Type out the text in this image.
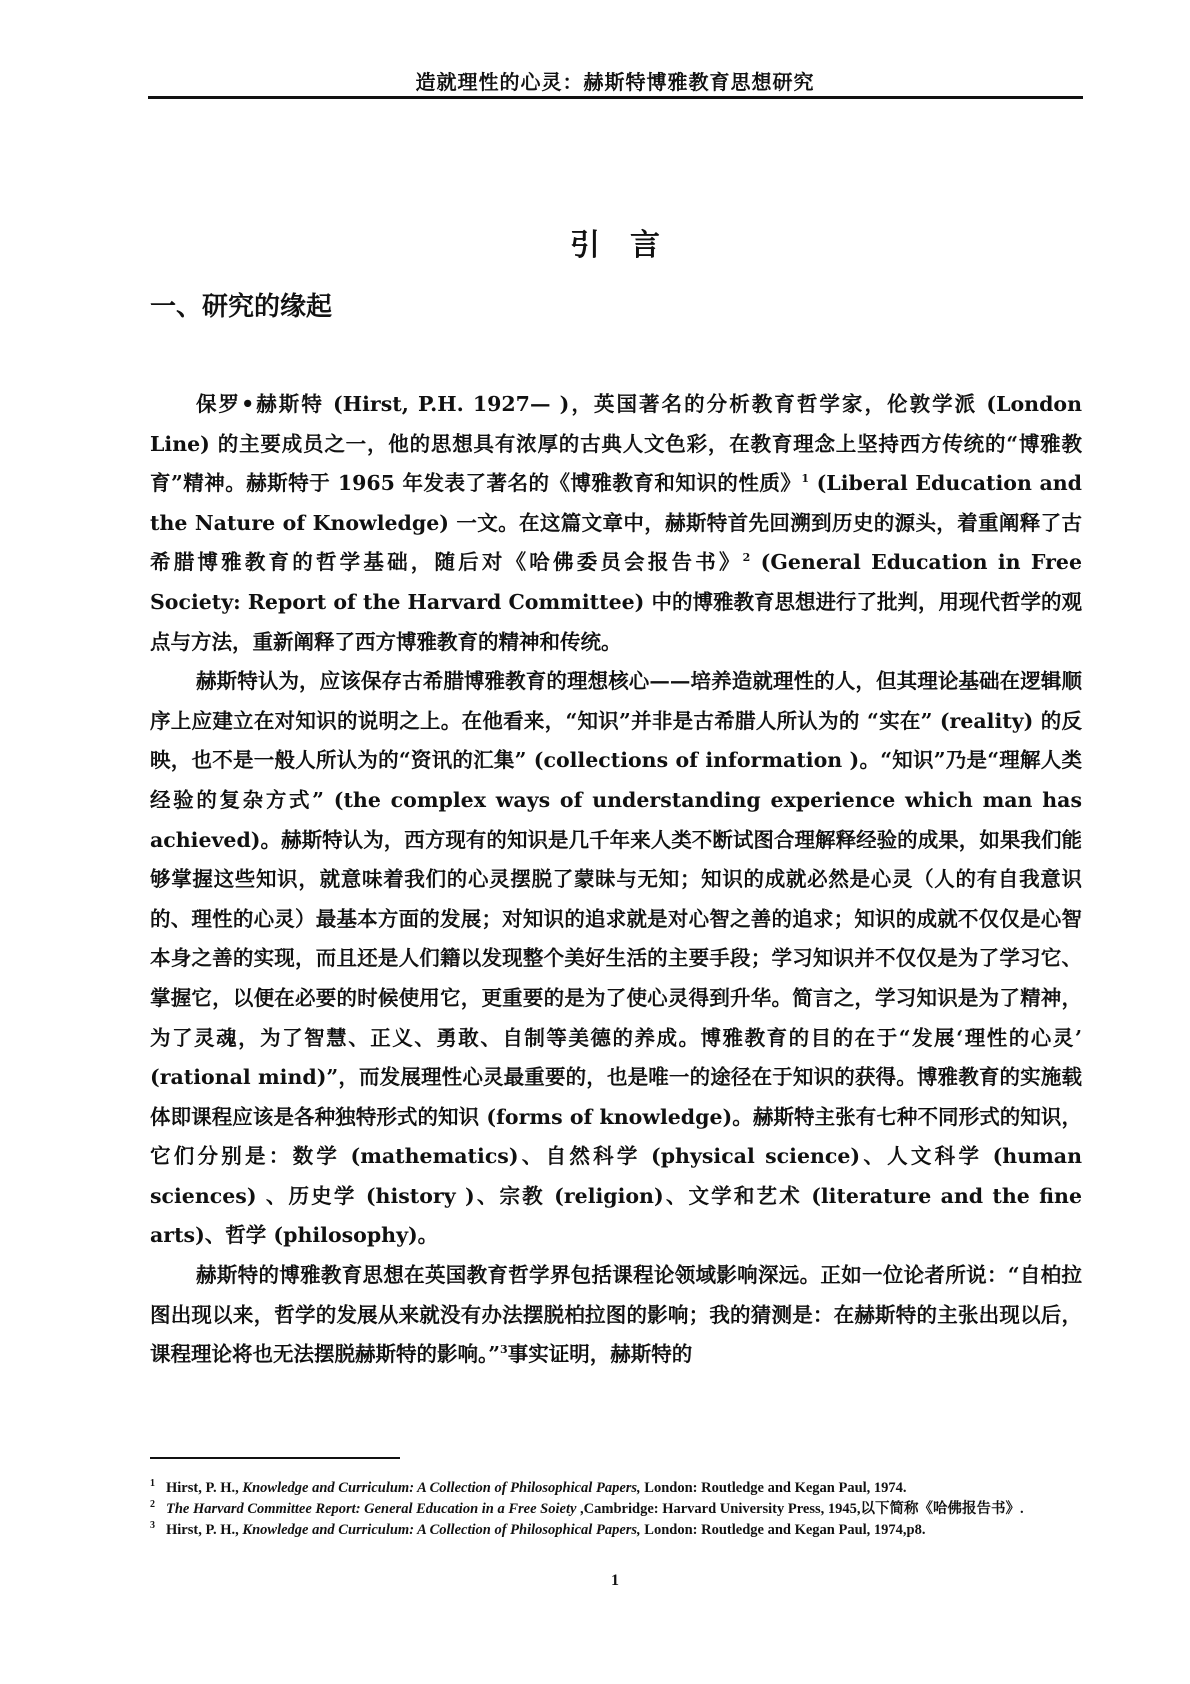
造就理性的心灵：赫斯特博雅教育思想研究
引言
一、研究的缘起

保罗•赫斯特 (Hirst, P.H. 1927— )，英国著名的分析教育哲学家，伦敦学派 (London Line) 的主要成员之一，他的思想具有浓厚的古典人文色彩，在教育理念上坚持西方传统的“博雅教育”精神。赫斯特于 1965 年发表了著名的《博雅教育和知识的性质》$^1$ (Liberal Education and the Nature of Knowledge) 一文。在这篇文章中，赫斯特首先回溯到历史的源头，着重阐释了古希腊博雅教育的哲学基础，随后对《哈佛委员会报告书》$^2$ (General Education in Free Society: Report of the Harvard Committee) 中的博雅教育思想进行了批判，用现代哲学的观点与方法，重新阐释了西方博雅教育的精神和传统。

赫斯特认为，应该保存古希腊博雅教育的理想核心——培养造就理性的人，但其理论基础在逻辑顺序上应建立在对知识的说明之上。在他看来，“知识”并非是古希腊人所认为的 “实在” (reality) 的反映，也不是一般人所认为的“资讯的汇集” (collections of information )。“知识”乃是“理解人类经验的复杂方式” (the complex ways of understanding experience which man has achieved)。赫斯特认为，西方现有的知识是几千年来人类不断试图合理解释经验的成果，如果我们能够掌握这些知识，就意味着我们的心灵摆脱了蒙昧与无知；知识的成就必然是心灵（人的有自我意识的、理性的心灵）最基本方面的发展；对知识的追求就是对心智之善的追求；知识的成就不仅仅是心智本身之善的实现，而且还是人们籍以发现整个美好生活的主要手段；学习知识并不仅仅是为了学习它、掌握它，以便在必要的时候使用它，更重要的是为了使心灵得到升华。简言之，学习知识是为了精神，为了灵魂，为了智慧、正义、勇敢、自制等美德的养成。博雅教育的目的在于“发展‘理性的心灵’ (rational mind)”，而发展理性心灵最重要的，也是唯一的途径在于知识的获得。博雅教育的实施载体即课程应该是各种独特形式的知识 (forms of knowledge)。赫斯特主张有七种不同形式的知识，它们分别是：数学 (mathematics)、自然科学 (physical science)、人文科学 (human sciences) 、历史学 (history )、宗教 (religion)、文学和艺术 (literature and the fine arts)、哲学 (philosophy)。

赫斯特的博雅教育思想在英国教育哲学界包括课程论领域影响深远。正如一位论者所说：“自柏拉图出现以来，哲学的发展从来就没有办法摆脱柏拉图的影响；我的猜测是：在赫斯特的主张出现以后，课程理论将也无法摆脱赫斯特的影响。”$^3$事实证明，赫斯特的

1 Hirst, P. H., Knowledge and Curriculum: A Collection of Philosophical Papers, London: Routledge and Kegan Paul, 1974.

2 The Harvard Committee Report: General Education in a Free Soiety ,Cambridge: Harvard University Press, 1945,以下简称《哈佛报告书》.

3 Hirst, P. H., Knowledge and Curriculum: A Collection of Philosophical Papers, London: Routledge and Kegan Paul, 1974,p8.

1
